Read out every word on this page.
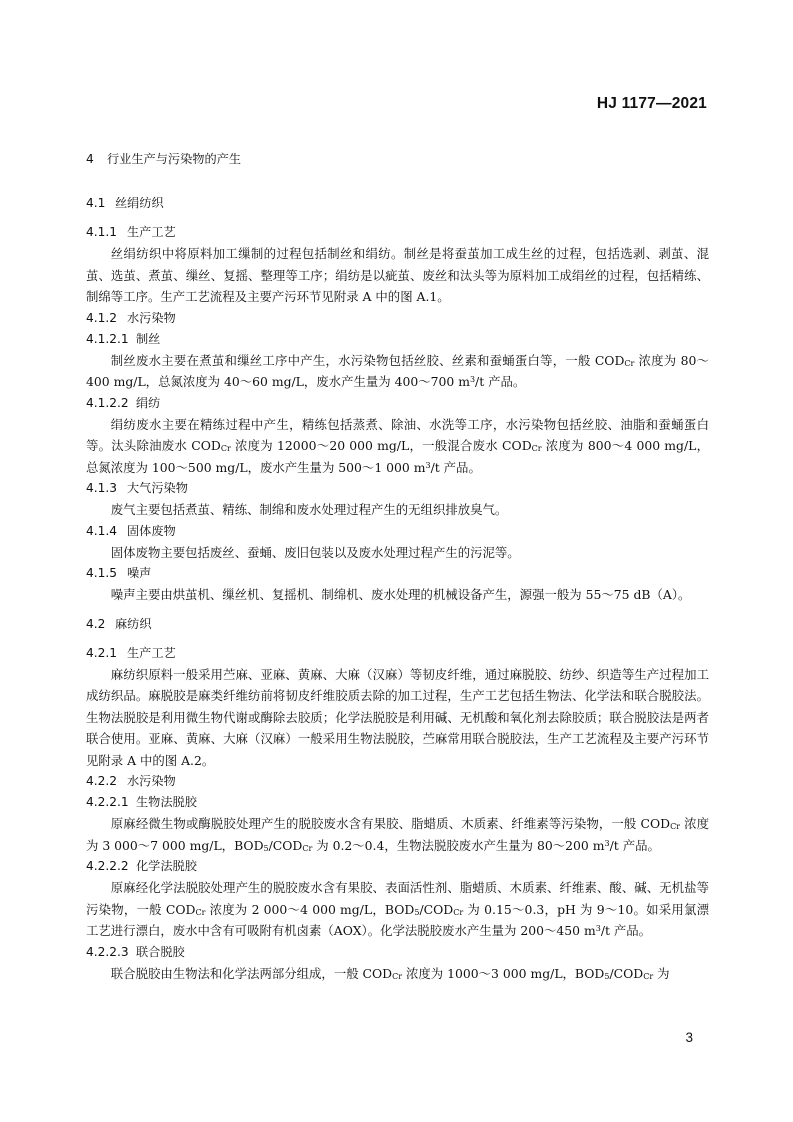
HJ 1177—2021
4 行业生产与污染物的产生
4.1 丝绢纺织
4.1.1 生产工艺

丝绢纺织中将原料加工缫制的过程包括制丝和绢纺。制丝是将蚕茧加工成生丝的过程，包括选剥、剥茧、混茧、选茧、煮茧、缫丝、复摇、整理等工序；绢纺是以疵茧、废丝和汰头等为原料加工成绢丝的过程，包括精练、制绵等工序。生产工艺流程及主要产污环节见附录 A 中的图 A.1。

4.1.2 水污染物
4.1.2.1 制丝

制丝废水主要在煮茧和缫丝工序中产生，水污染物包括丝胶、丝素和蚕蛹蛋白等，一般 $COD_{Cr}$ 浓度为 80～400 mg/L，总氮浓度为 40～60 mg/L，废水产生量为 400～700 $m^3/t$ 产品。

4.1.2.2 绢纺

绢纺废水主要在精练过程中产生，精练包括蒸煮、除油、水洗等工序，水污染物包括丝胶、油脂和蚕蛹蛋白等。汰头除油废水 $COD_{Cr}$ 浓度为 12000～20 000 mg/L，一般混合废水 $COD_{Cr}$ 浓度为 800～4 000 mg/L，总氮浓度为 100～500 mg/L，废水产生量为 500～1 000 $m^3/t$ 产品。

4.1.3 大气污染物

废气主要包括煮茧、精练、制绵和废水处理过程产生的无组织排放臭气。

4.1.4 固体废物

固体废物主要包括废丝、蚕蛹、废旧包装以及废水处理过程产生的污泥等。

4.1.5 噪声

噪声主要由烘茧机、缫丝机、复摇机、制绵机、废水处理的机械设备产生，源强一般为 55～75 dB（A）。

4.2 麻纺织
4.2.1 生产工艺

麻纺织原料一般采用苎麻、亚麻、黄麻、大麻（汉麻）等韧皮纤维，通过麻脱胶、纺纱、织造等生产过程加工成纺织品。麻脱胶是麻类纤维纺前将韧皮纤维胶质去除的加工过程，生产工艺包括生物法、化学法和联合脱胶法。生物法脱胶是利用微生物代谢或酶除去胶质；化学法脱胶是利用碱、无机酸和氧化剂去除胶质；联合脱胶法是两者联合使用。亚麻、黄麻、大麻（汉麻）一般采用生物法脱胶，苎麻常用联合脱胶法，生产工艺流程及主要产污环节见附录 A 中的图 A.2。

4.2.2 水污染物
4.2.2.1 生物法脱胶

原麻经微生物或酶脱胶处理产生的脱胶废水含有果胶、脂蜡质、木质素、纤维素等污染物，一般 $COD_{Cr}$ 浓度为 3 000～7 000 mg/L，$BOD_5/COD_{Cr}$ 为 0.2～0.4，生物法脱胶废水产生量为 80～200 $m^3/t$ 产品。

4.2.2.2 化学法脱胶

原麻经化学法脱胶处理产生的脱胶废水含有果胶、表面活性剂、脂蜡质、木质素、纤维素、酸、碱、无机盐等污染物，一般 $COD_{Cr}$ 浓度为 2 000～4 000 mg/L，$BOD_5/COD_{Cr}$ 为 0.15～0.3，pH 为 9～10。如采用氯漂工艺进行漂白，废水中含有可吸附有机卤素（AOX）。化学法脱胶废水产生量为 200～450 $m^3/t$ 产品。

4.2.2.3 联合脱胶

联合脱胶由生物法和化学法两部分组成，一般 $COD_{Cr}$ 浓度为 1000～3 000 mg/L，$BOD_5/COD_{Cr}$ 为

3
